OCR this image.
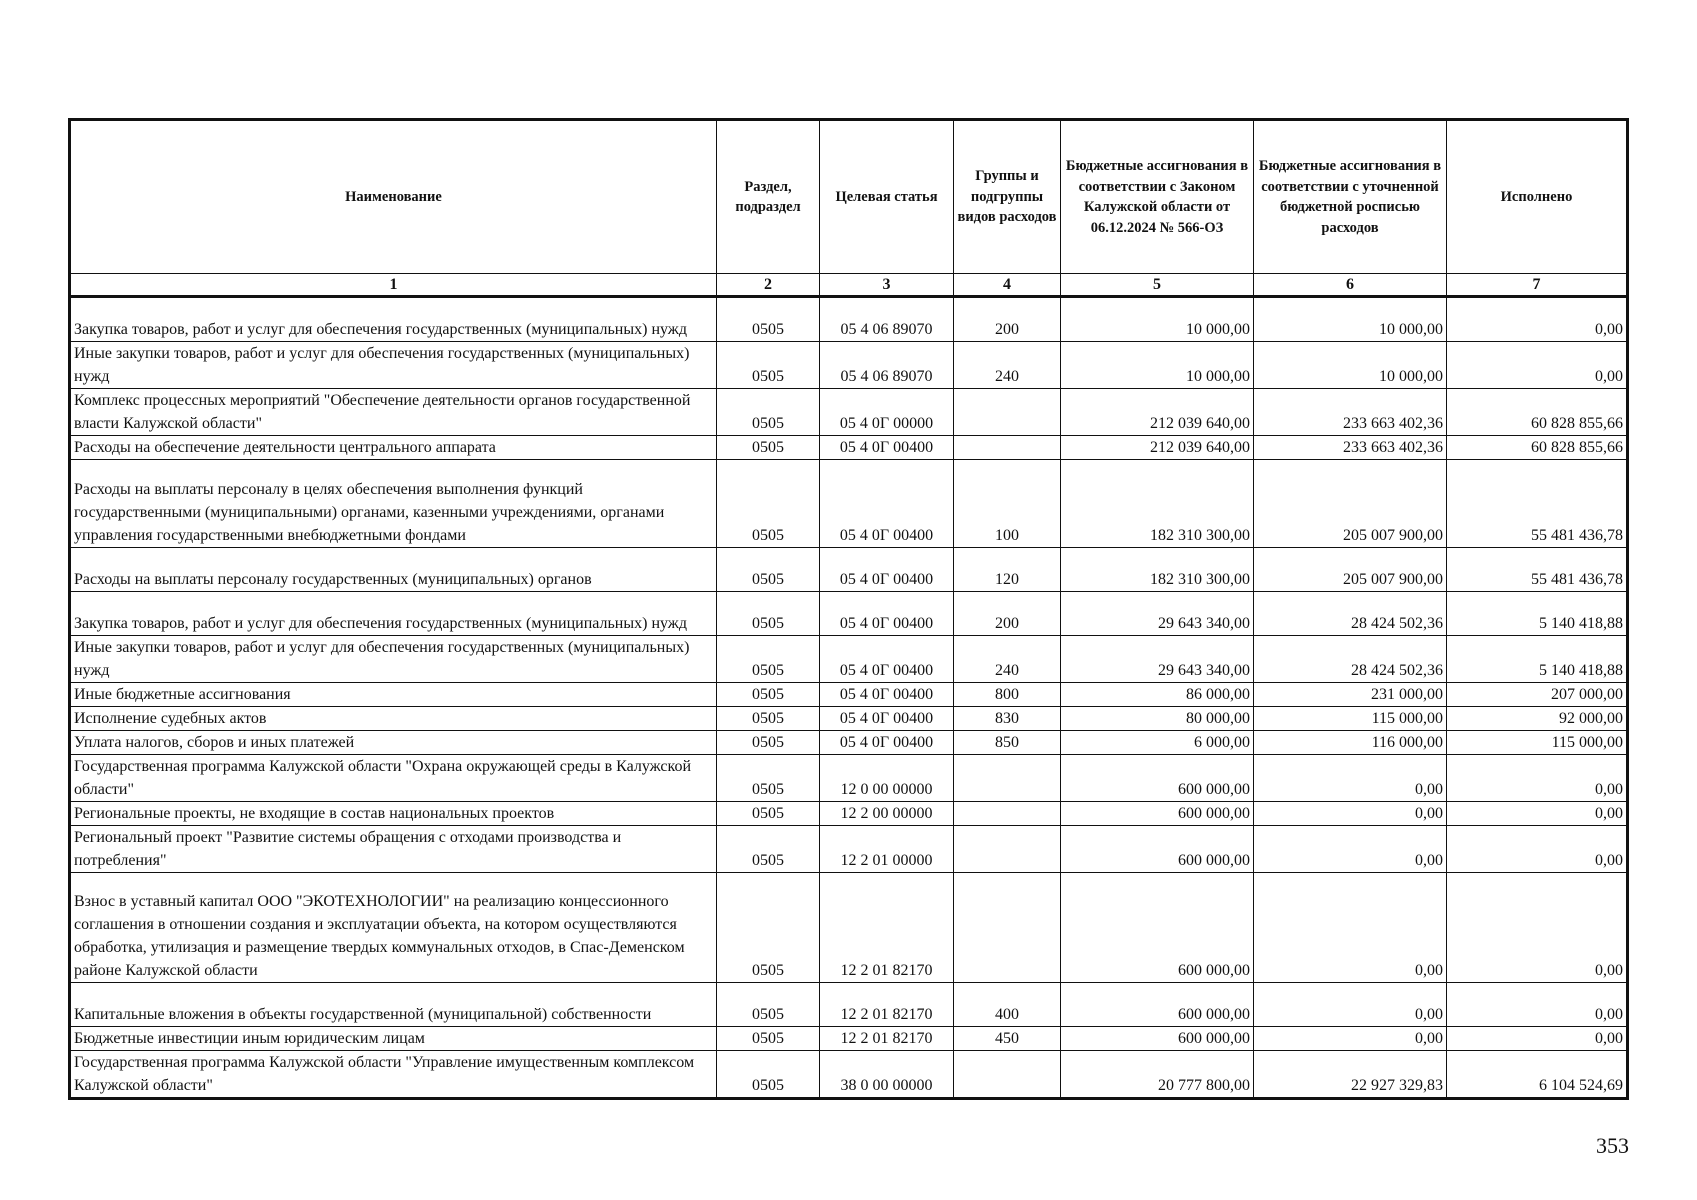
Наименование	Раздел, подраздел	Целевая статья	Группы и подгруппы видов расходов	Бюджетные ассигнования в соответствии с Законом Калужской области от 06.12.2024 № 566-ОЗ	Бюджетные ассигнования в соответствии с уточненной бюджетной росписью расходов	Исполнено
1	2	3	4	5	6	7
Закупка товаров, работ и услуг для обеспечения государственных (муниципальных) нужд	0505	05 4 06 89070	200	10 000,00	10 000,00	0,00
Иные закупки товаров, работ и услуг для обеспечения государственных (муниципальных) нужд	0505	05 4 06 89070	240	10 000,00	10 000,00	0,00
Комплекс процессных мероприятий "Обеспечение деятельности органов государственной власти Калужской области"	0505	05 4 0Г 00000		212 039 640,00	233 663 402,36	60 828 855,66
Расходы на обеспечение деятельности центрального аппарата	0505	05 4 0Г 00400		212 039 640,00	233 663 402,36	60 828 855,66
Расходы на выплаты персоналу в целях обеспечения выполнения функций государственными (муниципальными) органами, казенными учреждениями, органами управления государственными внебюджетными фондами	0505	05 4 0Г 00400	100	182 310 300,00	205 007 900,00	55 481 436,78
Расходы на выплаты персоналу государственных (муниципальных) органов	0505	05 4 0Г 00400	120	182 310 300,00	205 007 900,00	55 481 436,78
Закупка товаров, работ и услуг для обеспечения государственных (муниципальных) нужд	0505	05 4 0Г 00400	200	29 643 340,00	28 424 502,36	5 140 418,88
Иные закупки товаров, работ и услуг для обеспечения государственных (муниципальных) нужд	0505	05 4 0Г 00400	240	29 643 340,00	28 424 502,36	5 140 418,88
Иные бюджетные ассигнования	0505	05 4 0Г 00400	800	86 000,00	231 000,00	207 000,00
Исполнение судебных актов	0505	05 4 0Г 00400	830	80 000,00	115 000,00	92 000,00
Уплата налогов, сборов и иных платежей	0505	05 4 0Г 00400	850	6 000,00	116 000,00	115 000,00
Государственная программа Калужской области "Охрана окружающей среды в Калужской области"	0505	12 0 00 00000		600 000,00	0,00	0,00
Региональные проекты, не входящие в состав национальных проектов	0505	12 2 00 00000		600 000,00	0,00	0,00
Региональный проект "Развитие системы обращения с отходами производства и потребления"	0505	12 2 01 00000		600 000,00	0,00	0,00
Взнос в уставный капитал ООО "ЭКОТЕХНОЛОГИИ" на реализацию концессионного соглашения в отношении создания и эксплуатации объекта, на котором осуществляются обработка, утилизация и размещение твердых коммунальных отходов, в Спас-Деменском районе Калужской области	0505	12 2 01 82170		600 000,00	0,00	0,00
Капитальные вложения в объекты государственной (муниципальной) собственности	0505	12 2 01 82170	400	600 000,00	0,00	0,00
Бюджетные инвестиции иным юридическим лицам	0505	12 2 01 82170	450	600 000,00	0,00	0,00
Государственная программа Калужской области "Управление имущественным комплексом Калужской области"	0505	38 0 00 00000		20 777 800,00	22 927 329,83	6 104 524,69
353
